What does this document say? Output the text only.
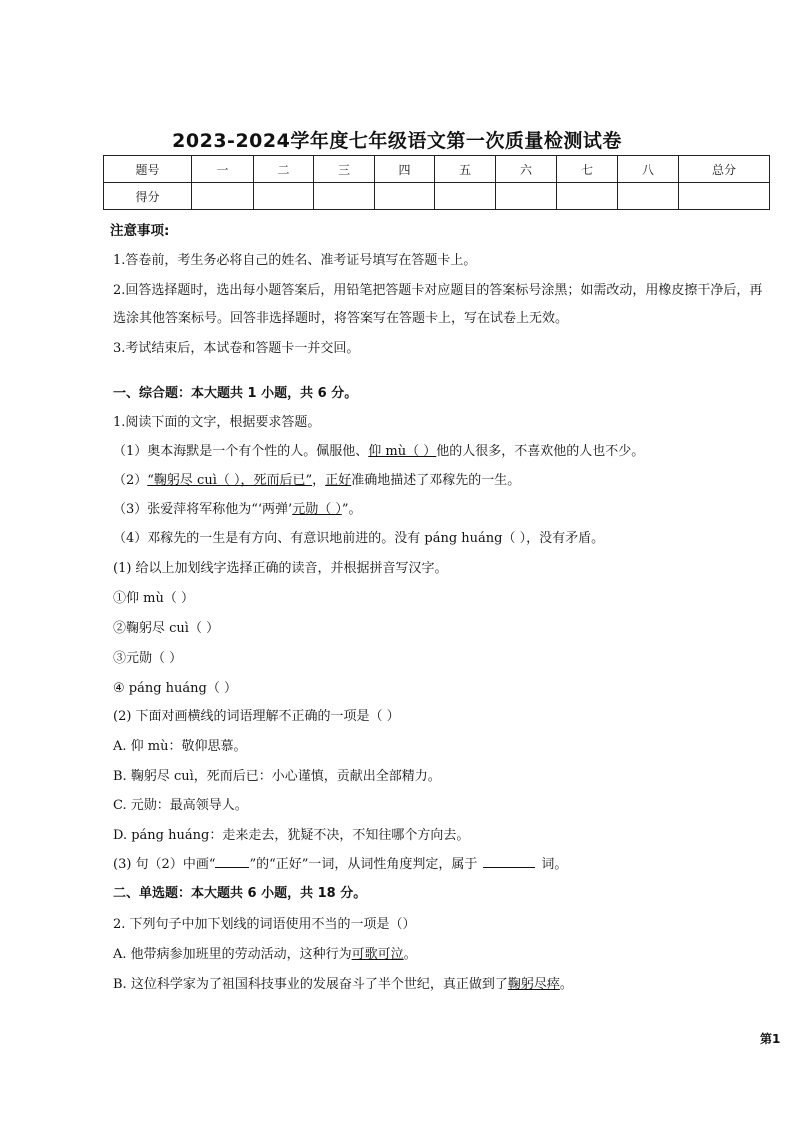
2023-2024学年度七年级语文第一次质量检测试卷
题号	一	二	三	四	五	六	七	八	总分
得分									
注意事项:
1.答卷前，考生务必将自己的姓名、准考证号填写在答题卡上。
2.回答选择题时，选出每小题答案后，用铅笔把答题卡对应题目的答案标号涂黑；如需改动，用橡皮擦干净后，再
选涂其他答案标号。回答非选择题时，将答案写在答题卡上，写在试卷上无效。
3.考试结束后，本试卷和答题卡一并交回。
一、综合题：本大题共 1 小题，共 6 分。
1.阅读下面的文字，根据要求答题。
（1）奥本海默是一个有个性的人。佩服他、仰 mù（ ）他的人很多，不喜欢他的人也不少。
（2）“鞠躬尽 cuì（ ），死而后已”，正好准确地描述了邓稼先的一生。
（3）张爱萍将军称他为“‘两弹’元勋（ ）”。
（4）邓稼先的一生是有方向、有意识地前进的。没有 páng huáng（ ），没有矛盾。
(1) 给以上加划线字选择正确的读音，并根据拼音写汉字。
①仰 mù（ ）
②鞠躬尽 cuì（ ）
③元勋（ ）
④ páng huáng（ ）
(2) 下面对画横线的词语理解不正确的一项是（ ）
A. 仰 mù：敬仰思慕。
B. 鞠躬尽 cuì，死而后已：小心谨慎，贡献出全部精力。
C. 元勋：最高领导人。
D. páng huáng：走来走去，犹疑不决，不知往哪个方向去。
(3) 句（2）中画“	”的“正好”一词，从词性角度判定，属于	词。
二、单选题：本大题共 6 小题，共 18 分。
2. 下列句子中加下划线的词语使用不当的一项是（）
A. 他带病参加班里的劳动活动，这种行为可歌可泣。
B. 这位科学家为了祖国科技事业的发展奋斗了半个世纪，真正做到了鞠躬尽瘁。
第1
